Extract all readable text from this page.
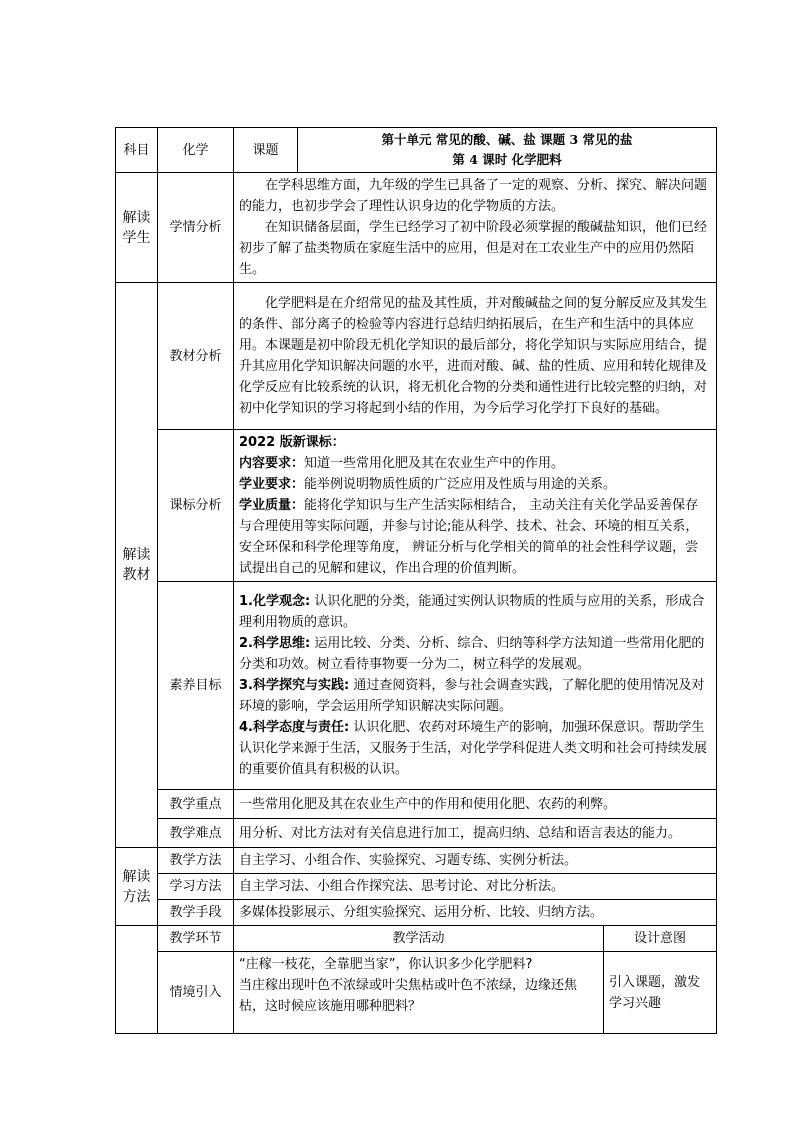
科目	化学	课题	第十单元 常见的酸、碱、盐 课题 3 常见的盐
第 4 课时 化学肥料	

解读学生	学情分析	在学科思维方面，九年级的学生已具备了一定的观察、分析、探究、解决问题的能力，也初步学会了理性认识身边的化学物质的方法。

在知识储备层面，学生已经学习了初中阶段必须掌握的酸碱盐知识，他们已经初步了解了盐类物质在家庭生活中的应用，但是对在工农业生产中的应用仍然陌生。		

解读教材	教材分析	化学肥料是在介绍常见的盐及其性质，并对酸碱盐之间的复分解反应及其发生的条件、部分离子的检验等内容进行总结归纳拓展后，在生产和生活中的具体应用。本课题是初中阶段无机化学知识的最后部分，将化学知识与实际应用结合，提升其应用化学知识解决问题的水平，进而对酸、碱、盐的性质、应用和转化规律及化学反应有比较系统的认识，将无机化合物的分类和通性进行比较完整的归纳，对初中化学知识的学习将起到小结的作用，为今后学习化学打下良好的基础。		

	课标分析	2022 版新课标：

内容要求：知道一些常用化肥及其在农业生产中的作用。

学业要求：能举例说明物质性质的广泛应用及性质与用途的关系。

学业质量：能将化学知识与生产生活实际相结合， 主动关注有关化学品妥善保存与合理使用等实际问题，并参与讨论;能从科学、技术、社会、环境的相互关系，安全环保和科学伦理等角度， 辨证分析与化学相关的简单的社会性科学议题，尝试提出自己的见解和建议，作出合理的价值判断。		

	素养目标	1.化学观念: 认识化肥的分类，能通过实例认识物质的性质与应用的关系，形成合理利用物质的意识。

2.科学思维: 运用比较、分类、分析、综合、归纳等科学方法知道一些常用化肥的分类和功效。树立看待事物要一分为二，树立科学的发展观。

3.科学探究与实践: 通过查阅资料，参与社会调查实践，了解化肥的使用情况及对环境的影响，学会运用所学知识解决实际问题。

4.科学态度与责任: 认识化肥、农药对环境生产的影响，加强环保意识。帮助学生认识化学来源于生活，又服务于生活，对化学学科促进人类文明和社会可持续发展的重要价值具有积极的认识。		

	教学重点	一些常用化肥及其在农业生产中的作用和使用化肥、农药的利弊。		
	教学难点	用分析、对比方法对有关信息进行加工，提高归纳、总结和语言表达的能力。		

解读方法	教学方法	自主学习、小组合作、实验探究、习题专练、实例分析法。		
	学习方法	自主学习法、小组合作探究法、思考讨论、对比分析法。		
	教学手段	多媒体投影展示、分组实验探究、运用分析、比较、归纳方法。		
	教学环节	教学活动		设计意图
	情境引入	“庄稼一枝花，全靠肥当家”，你认识多少化学肥料?

当庄稼出现叶色不浓绿或叶尖焦枯或叶色不浓绿，边缘还焦枯，这时候应该施用哪种肥料？		引入课题，激发学习兴趣
